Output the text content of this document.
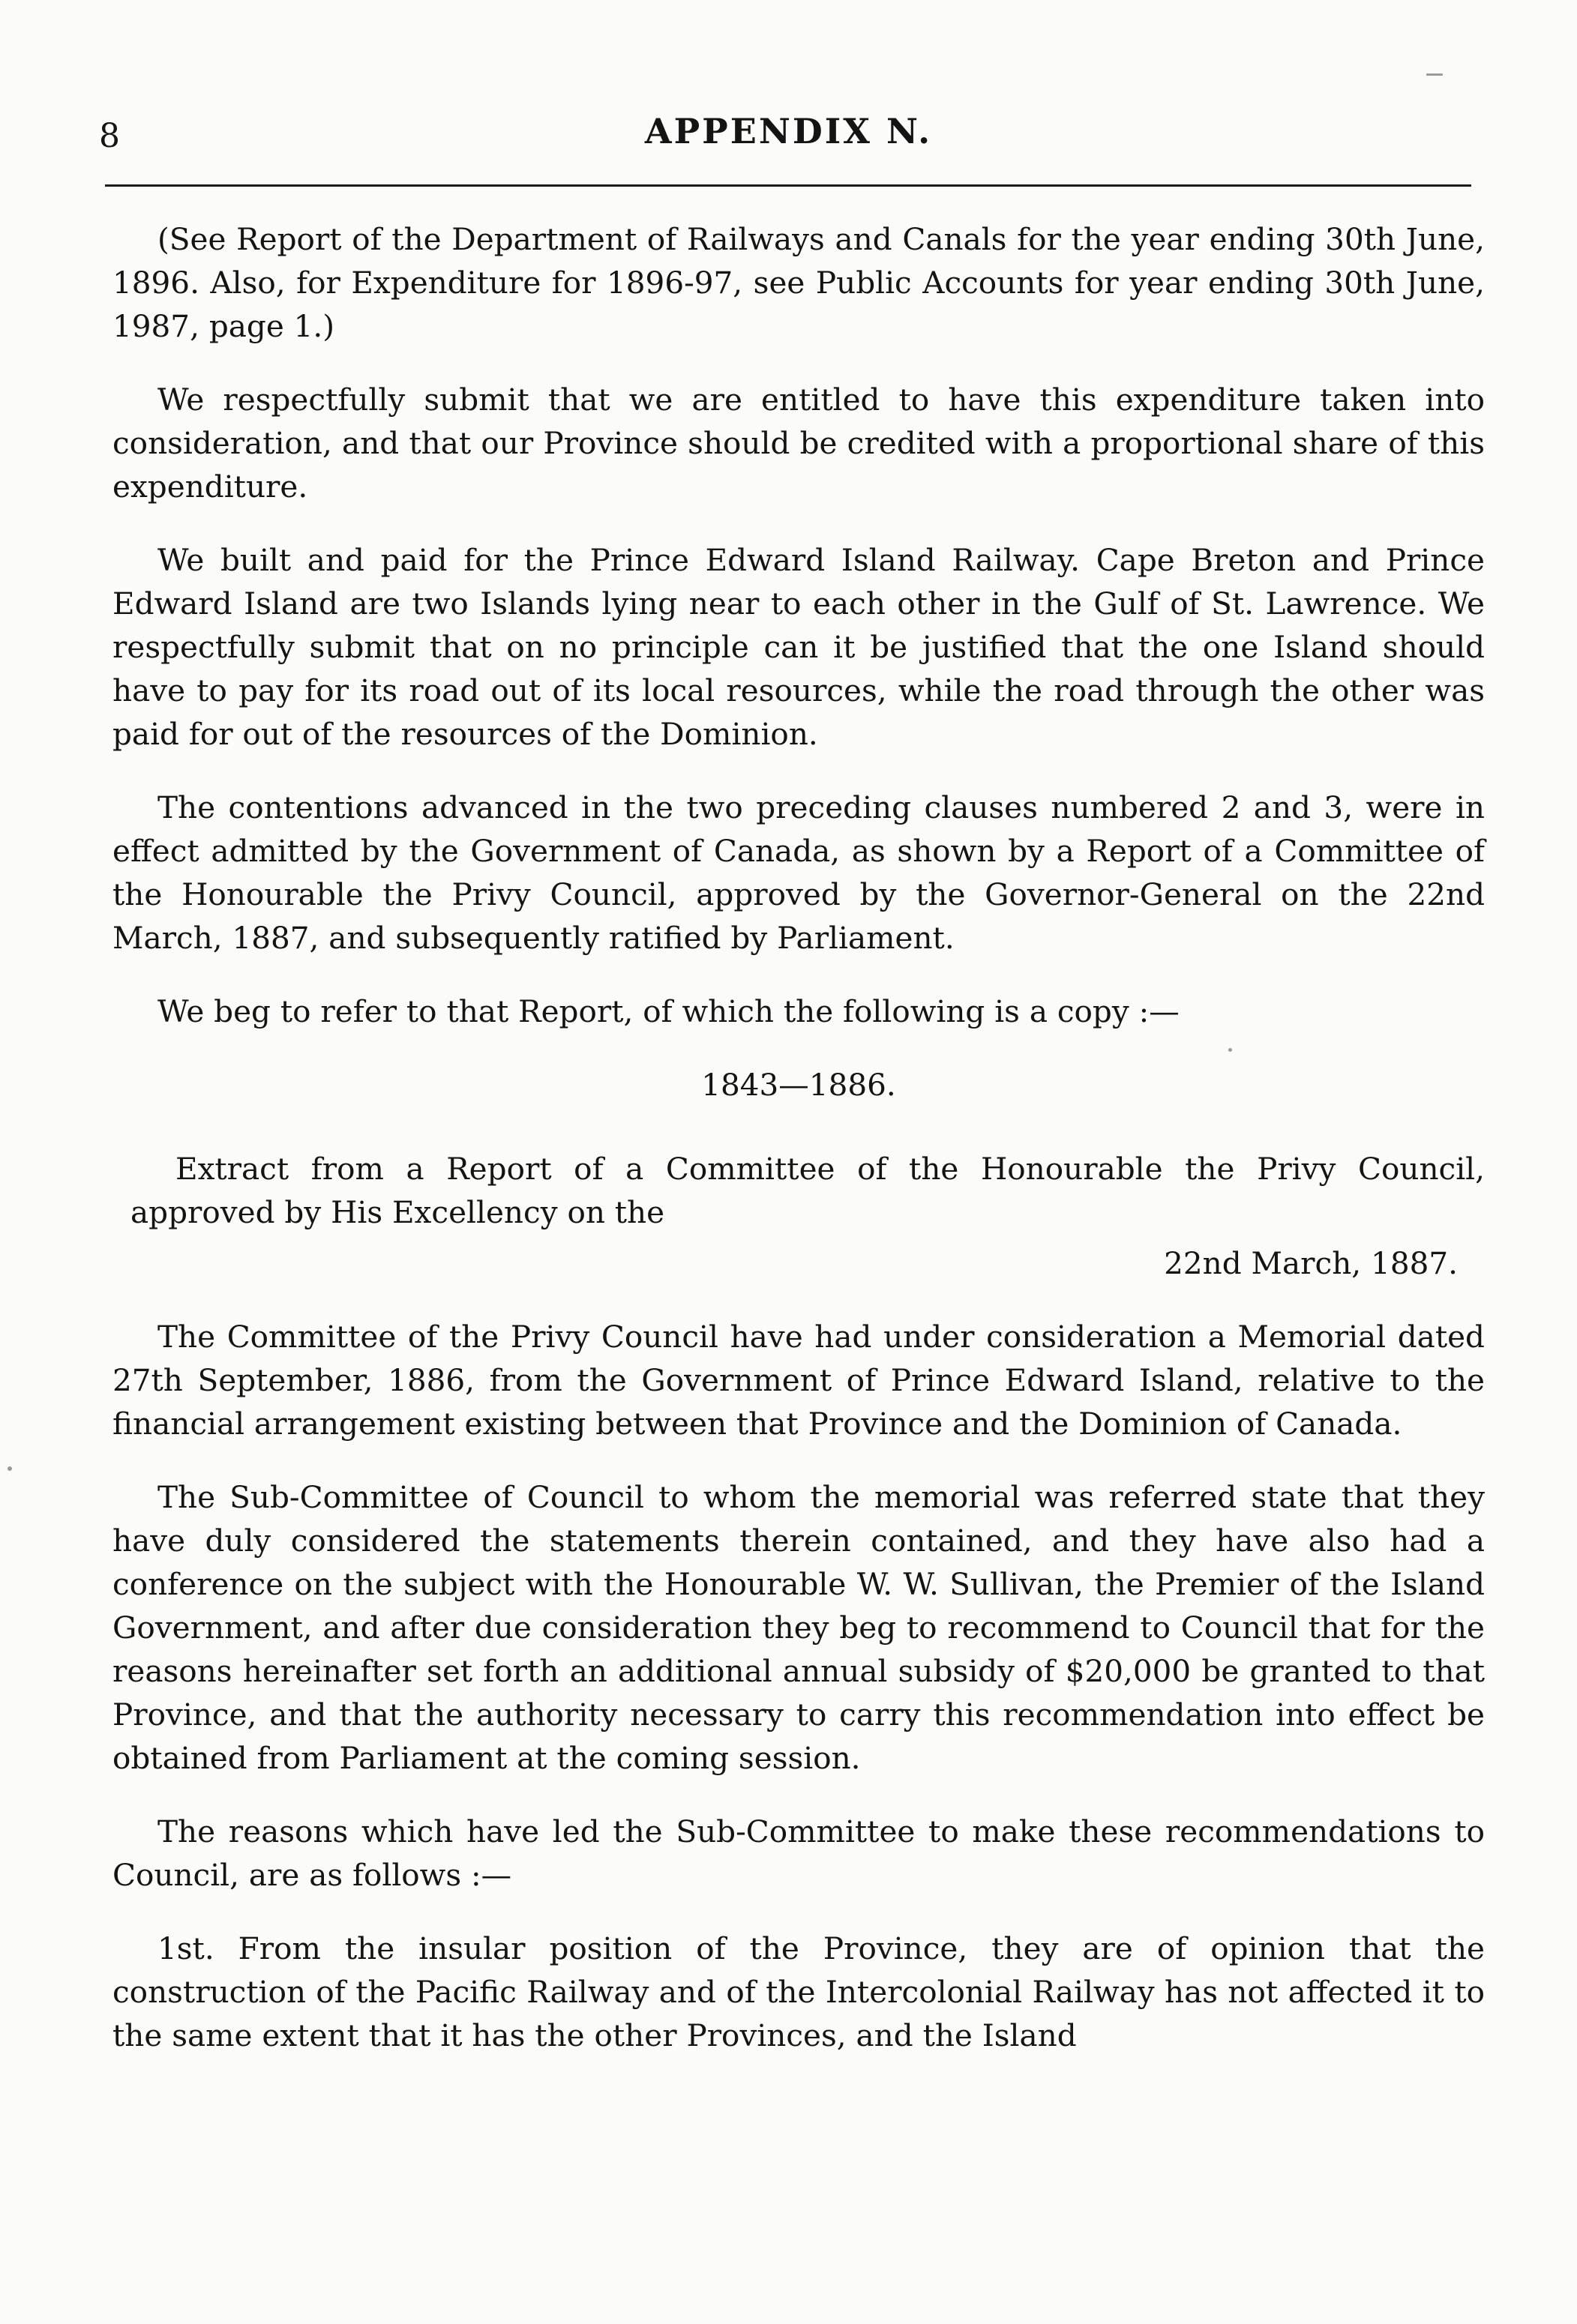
8	APPENDIX N.

(See Report of the Department of Railways and Canals for the year ending 30th June, 1896. Also, for Expenditure for 1896-97, see Public Accounts for year ending 30th June, 1987, page 1.)

We respectfully submit that we are entitled to have this expenditure taken into consideration, and that our Province should be credited with a proportional share of this expenditure.

We built and paid for the Prince Edward Island Railway. Cape Breton and Prince Edward Island are two Islands lying near to each other in the Gulf of St. Lawrence. We respectfully submit that on no principle can it be justified that the one Island should have to pay for its road out of its local resources, while the road through the other was paid for out of the resources of the Dominion.

The contentions advanced in the two preceding clauses numbered 2 and 3, were in effect admitted by the Government of Canada, as shown by a Report of a Committee of the Honourable the Privy Council, approved by the Governor-General on the 22nd March, 1887, and subsequently ratified by Parliament.

We beg to refer to that Report, of which the following is a copy :—

1843—1886.

Extract from a Report of a Committee of the Honourable the Privy Council, approved by His Excellency on the

22nd March, 1887.

The Committee of the Privy Council have had under consideration a Memorial dated 27th September, 1886, from the Government of Prince Edward Island, relative to the financial arrangement existing between that Province and the Dominion of Canada.

The Sub-Committee of Council to whom the memorial was referred state that they have duly considered the statements therein contained, and they have also had a conference on the subject with the Honourable W. W. Sullivan, the Premier of the Island Government, and after due consideration they beg to recommend to Council that for the reasons hereinafter set forth an additional annual subsidy of $20,000 be granted to that Province, and that the authority necessary to carry this recommendation into effect be obtained from Parliament at the coming session.

The reasons which have led the Sub-Committee to make these recommendations to Council, are as follows :—

1st. From the insular position of the Province, they are of opinion that the construction of the Pacific Railway and of the Intercolonial Railway has not affected it to the same extent that it has the other Provinces, and the Island
